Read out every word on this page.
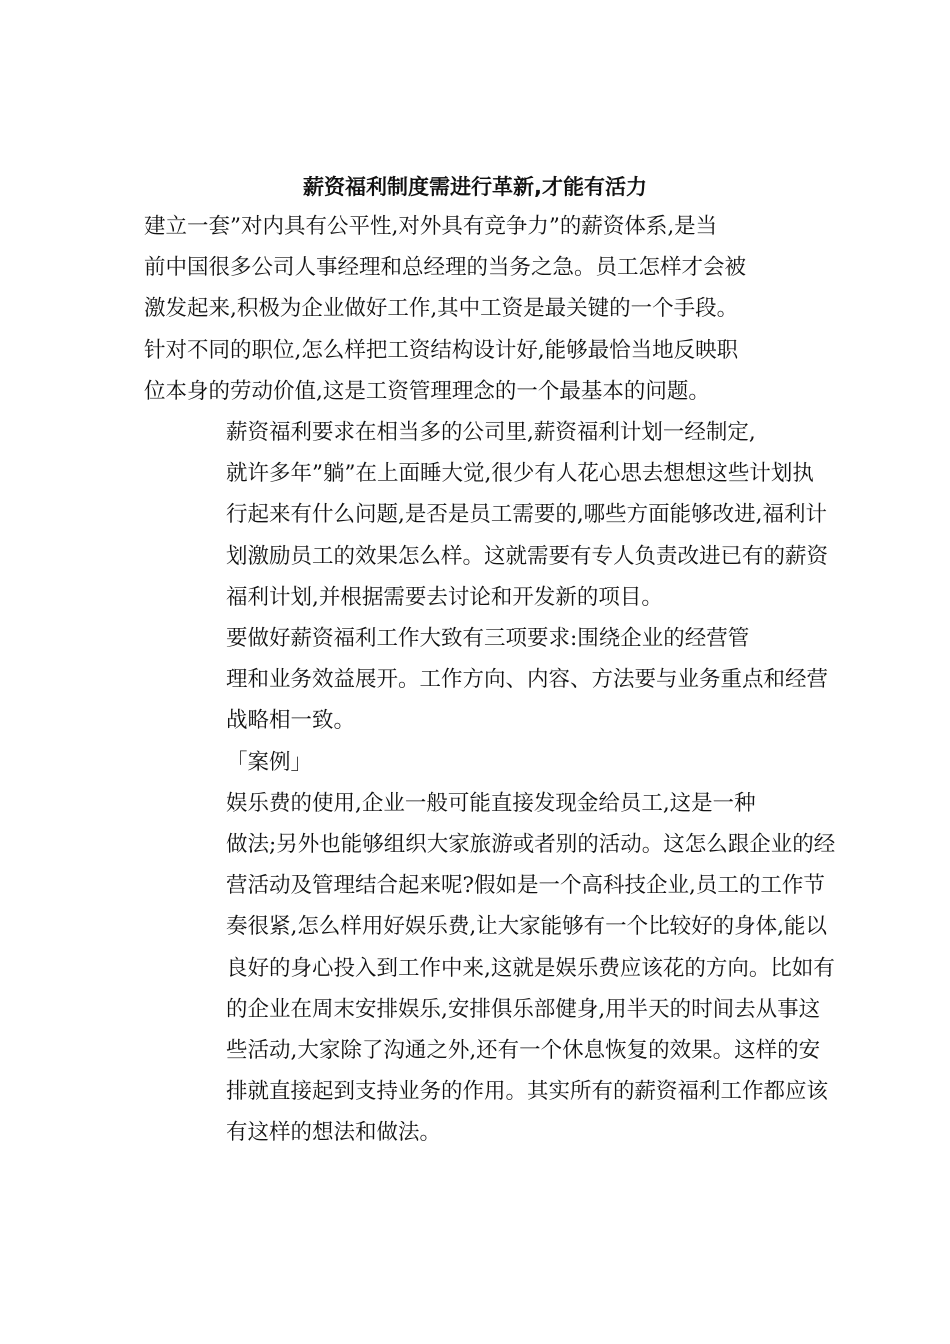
薪资福利制度需进行革新,才能有活力

建立一套”对内具有公平性,对外具有竞争力”的薪资体系,是当
前中国很多公司人事经理和总经理的当务之急。员工怎样才会被
激发起来,积极为企业做好工作,其中工资是最关键的一个手段。
针对不同的职位,怎么样把工资结构设计好,能够最恰当地反映职
位本身的劳动价值,这是工资管理理念的一个最基本的问题。

薪资福利要求在相当多的公司里,薪资福利计划一经制定,
就许多年”躺”在上面睡大觉,很少有人花心思去想想这些计划执
行起来有什么问题,是否是员工需要的,哪些方面能够改进,福利计
划激励员工的效果怎么样。这就需要有专人负责改进已有的薪资
福利计划,并根据需要去讨论和开发新的项目。

要做好薪资福利工作大致有三项要求:围绕企业的经营管
理和业务效益展开。工作方向、内容、方法要与业务重点和经营
战略相一致。

「案例」

娱乐费的使用,企业一般可能直接发现金给员工,这是一种
做法;另外也能够组织大家旅游或者别的活动。这怎么跟企业的经
营活动及管理结合起来呢?假如是一个高科技企业,员工的工作节
奏很紧,怎么样用好娱乐费,让大家能够有一个比较好的身体,能以
良好的身心投入到工作中来,这就是娱乐费应该花的方向。比如有
的企业在周末安排娱乐,安排俱乐部健身,用半天的时间去从事这
些活动,大家除了沟通之外,还有一个休息恢复的效果。这样的安
排就直接起到支持业务的作用。其实所有的薪资福利工作都应该
有这样的想法和做法。
